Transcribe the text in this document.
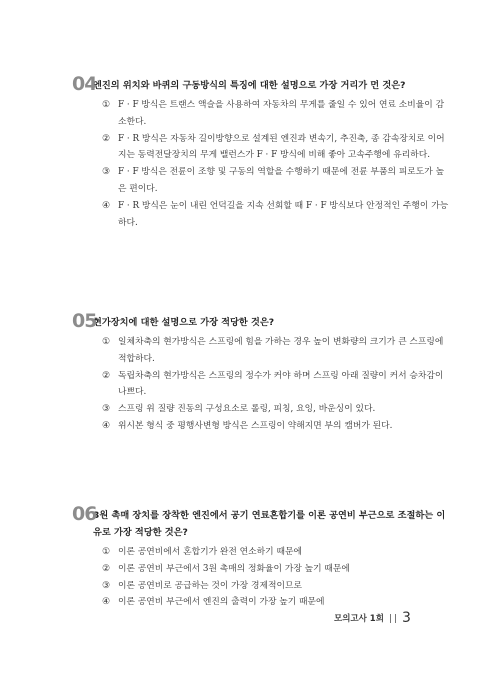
04
엔진의 위치와 바퀴의 구동방식의 특징에 대한 설명으로 가장 거리가 먼 것은?
① F · F 방식은 트랜스 액슬을 사용하여 자동차의 무게를 줄일 수 있어 연료 소비율이 감소한다.
② F · R 방식은 자동차 길이방향으로 설계된 엔진과 변속기, 추진축, 종 감속장치로 이어지는 동력전달장치의 무게 밸런스가 F · F 방식에 비해 좋아 고속주행에 유리하다.
③ F · F 방식은 전륜이 조향 및 구동의 역할을 수행하기 때문에 전륜 부품의 피로도가 높은 편이다.
④ F · R 방식은 눈이 내린 언덕길을 지속 선회할 때 F · F 방식보다 안정적인 주행이 가능하다.
05
현가장치에 대한 설명으로 가장 적당한 것은?
① 일체차축의 현가방식은 스프링에 힘을 가하는 경우 높이 변화량의 크기가 큰 스프링에 적합하다.
② 독립차축의 현가방식은 스프링의 정수가 커야 하며 스프링 아래 질량이 커서 승차감이 나쁘다.
③ 스프링 위 질량 진동의 구성요소로 롤링, 피칭, 요잉, 바운싱이 있다.
④ 위시본 형식 중 평행사변형 방식은 스프링이 약해지면 부의 캠버가 된다.
06
3원 촉매 장치를 장착한 엔진에서 공기 연료혼합기를 이론 공연비 부근으로 조절하는 이유로 가장 적당한 것은?
① 이론 공연비에서 혼합기가 완전 연소하기 때문에
② 이론 공연비 부근에서 3원 촉매의 정화율이 가장 높기 때문에
③ 이론 공연비로 공급하는 것이 가장 경제적이므로
④ 이론 공연비 부근에서 엔진의 출력이 가장 높기 때문에
모의고사 1회 3
